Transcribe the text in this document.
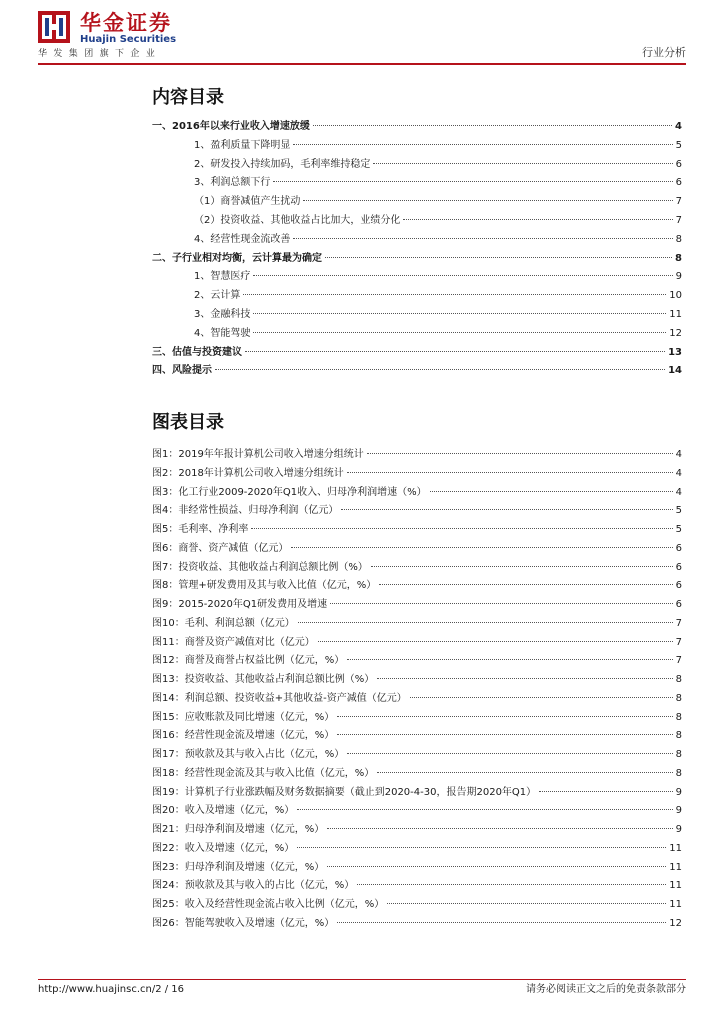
华金证券
Huajin Securities
华发集团旗下企业	行业分析
内容目录
一、2016年以来行业收入增速放缓	4
1、盈利质量下降明显	5
2、研发投入持续加码，毛利率维持稳定	6
3、利润总额下行	6
（1）商誉减值产生扰动	7
（2）投资收益、其他收益占比加大，业绩分化	7
4、经营性现金流改善	8
二、子行业相对均衡，云计算最为确定	8
1、智慧医疗	9
2、云计算	10
3、金融科技	11
4、智能驾驶	12
三、估值与投资建议	13
四、风险提示	14
图表目录
图1：2019年年报计算机公司收入增速分组统计	4
图2：2018年计算机公司收入增速分组统计	4
图3：化工行业2009-2020年Q1收入、归母净利润增速（%）	4
图4：非经常性损益、归母净利润（亿元）	5
图5：毛利率、净利率	5
图6：商誉、资产减值（亿元）	6
图7：投资收益、其他收益占利润总额比例（%）	6
图8：管理+研发费用及其与收入比值（亿元，%）	6
图9：2015-2020年Q1研发费用及增速	6
图10：毛利、利润总额（亿元）	7
图11：商誉及资产减值对比（亿元）	7
图12：商誉及商誉占权益比例（亿元，%）	7
图13：投资收益、其他收益占利润总额比例（%）	8
图14：利润总额、投资收益+其他收益-资产减值（亿元）	8
图15：应收账款及同比增速（亿元，%）	8
图16：经营性现金流及增速（亿元，%）	8
图17：预收款及其与收入占比（亿元，%）	8
图18：经营性现金流及其与收入比值（亿元，%）	8
图19：计算机子行业涨跌幅及财务数据摘要（截止到2020-4-30，报告期2020年Q1）	9
图20：收入及增速（亿元，%）	9
图21：归母净利润及增速（亿元，%）	9
图22：收入及增速（亿元，%）	11
图23：归母净利润及增速（亿元，%）	11
图24：预收款及其与收入的占比（亿元，%）	11
图25：收入及经营性现金流占收入比例（亿元，%）	11
图26：智能驾驶收入及增速（亿元，%）	12
http://www.huajinsc.cn/2 / 16	请务必阅读正文之后的免责条款部分
